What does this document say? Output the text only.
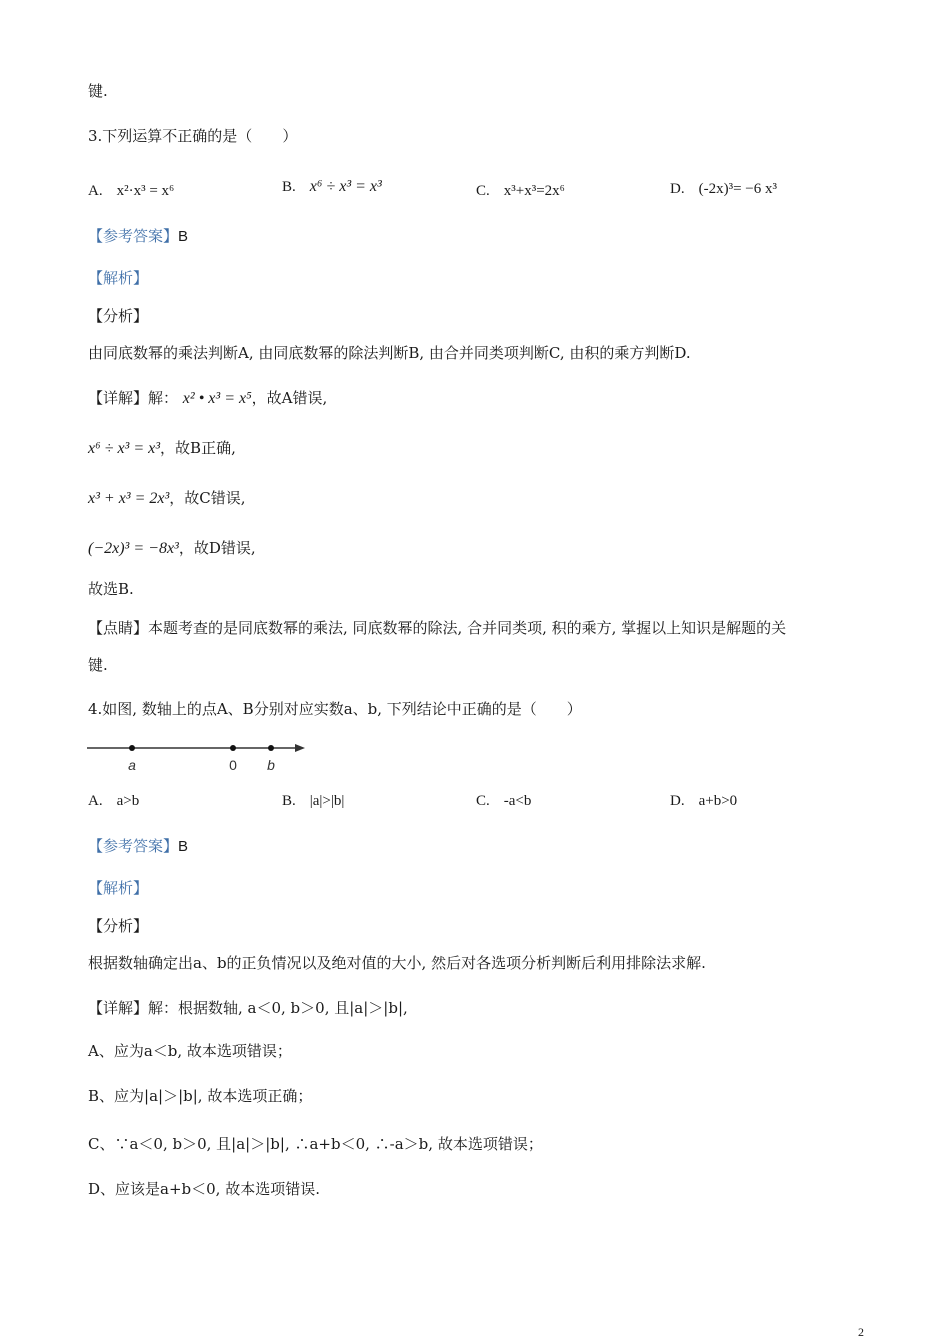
键.
3.下列运算不正确的是（　　）
A. x²·x³ = x⁶	B. x⁶ ÷ x³ = x³	C. x³+x³=2x⁶	D. (-2x)³= −6 x³
【参考答案】B
【解析】
【分析】
由同底数幂的乘法判断A, 由同底数幂的除法判断B, 由合并同类项判断C, 由积的乘方判断D.
【详解】解： x² • x³ = x⁵，故A错误,
x⁶ ÷ x³ = x³，故B正确,
x³ + x³ = 2x³，故C错误,
(−2x)³ = −8x³，故D错误,
故选B.
【点睛】本题考查的是同底数幂的乘法, 同底数幂的除法, 合并同类项, 积的乘方, 掌握以上知识是解题的关
键.
4.如图, 数轴上的点A、B分别对应实数a、b, 下列结论中正确的是（　　）
a	0 b
A. a>b	B. |a|>|b|	C. -a<b	D. a+b>0
【参考答案】B
【解析】
【分析】
根据数轴确定出a、b的正负情况以及绝对值的大小, 然后对各选项分析判断后利用排除法求解.
【详解】解：根据数轴, a＜0, b＞0, 且|a|＞|b|,
A、应为a＜b, 故本选项错误；
B、应为|a|＞|b|, 故本选项正确；
C、∵a＜0, b＞0, 且|a|＞|b|, ∴a+b＜0, ∴-a＞b, 故本选项错误；
D、应该是a+b＜0, 故本选项错误.
2
